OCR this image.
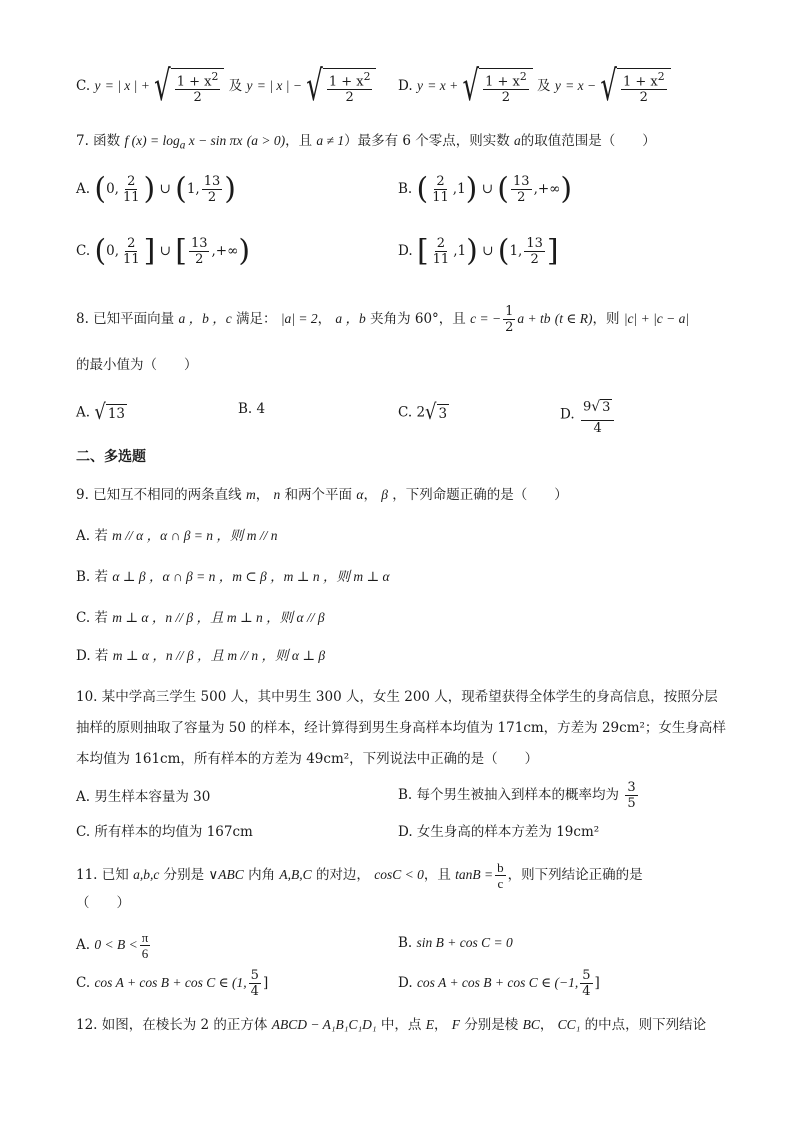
C. y = | x | + √ $\frac{1 + x^2}{2}$ 及 y = | x | − √ $\frac{1 + x^2}{2} D$. y = x + √ $\frac{1 + x^2}{2}$ 及 y = x − √ $\frac{1 + x^2}{2}$
7. 函数 f $(x) = \log_a x - \sin \pi x$ (a > 0)，且 a ≠ 1）最多有 6 个零点，则实数 a的取值范围是（　　）
A. (0, $\frac{2}{11}$ ) ∪ (1, $\frac{13}{2}$ )	B. ( $\frac{2}{11} ,1$) ∪ ( $\frac{13}{2}$ ,+∞)
C. (0, $\frac{2}{11}$ ] ∪ [ $\frac{13}{2}$ ,+∞)	D. [ $\frac{2}{11} ,1$) ∪ (1, $\frac{13}{2}$ ]
8. 已知平面向量 a ，b ，c 满足： |a| = 2， a ，b 夹角为 60°，且 c = − $\frac{1}{2}$ a + tb (t ∈ R)，则 |c| + |c − a|
的最小值为（　　）
A. √ 13	B. 4	C. 2 √ 3	D. $\frac{9 √ 3}{4}$
二、多选题
9. 已知互不相同的两条直线 m， n 和两个平面 α， β ，下列命题正确的是（　　）
A. 若 m // α ，α ∩ β = n ，则 m // n
B. 若 α ⊥ β ，α ∩ β = n ，m ⊂ β ，m ⊥ n ，则 m ⊥ α
C. 若 m ⊥ α ，n // β ，且 m ⊥ n ，则 α // β
D. 若 m ⊥ α ，n // β ，且 m // n ，则 α ⊥ β
10. 某中学高三学生 500 人，其中男生 300 人，女生 200 人，现希望获得全体学生的身高信息，按照分层
抽样的原则抽取了容量为 50 的样本，经计算得到男生身高样本均值为 171cm，方差为 29cm²；女生身高样
本均值为 161cm，所有样本的方差为 49cm²，下列说法中正确的是（　　）
A. 男生样本容量为 30	B. 每个男生被抽入到样本的概率均为 $\frac{3}{5}$
C. 所有样本的均值为 167cm	D. 女生身高的样本方差为 19cm²
11. 已知 a,b,c 分别是 ∨ABC 内角 A,B,C 的对边， cosC < 0，且 $\tan B = \frac{b}{c}$ ，则下列结论正确的是
（　　）
A. $0 < B < \frac{\pi}{6}$	B. sin B + cos C = 0
C. cos A + cos B + cos C ∈ (1, $\frac{5}{4}$ ]	D. cos A + cos B + cos C ∈ (−1, $\frac{5}{4}$ ]
12. 如图，在棱长为 2 的正方体 ABCD − A₁B₁C₁D₁ 中，点 E， F 分别是棱 BC， CC₁ 的中点，则下列结论
